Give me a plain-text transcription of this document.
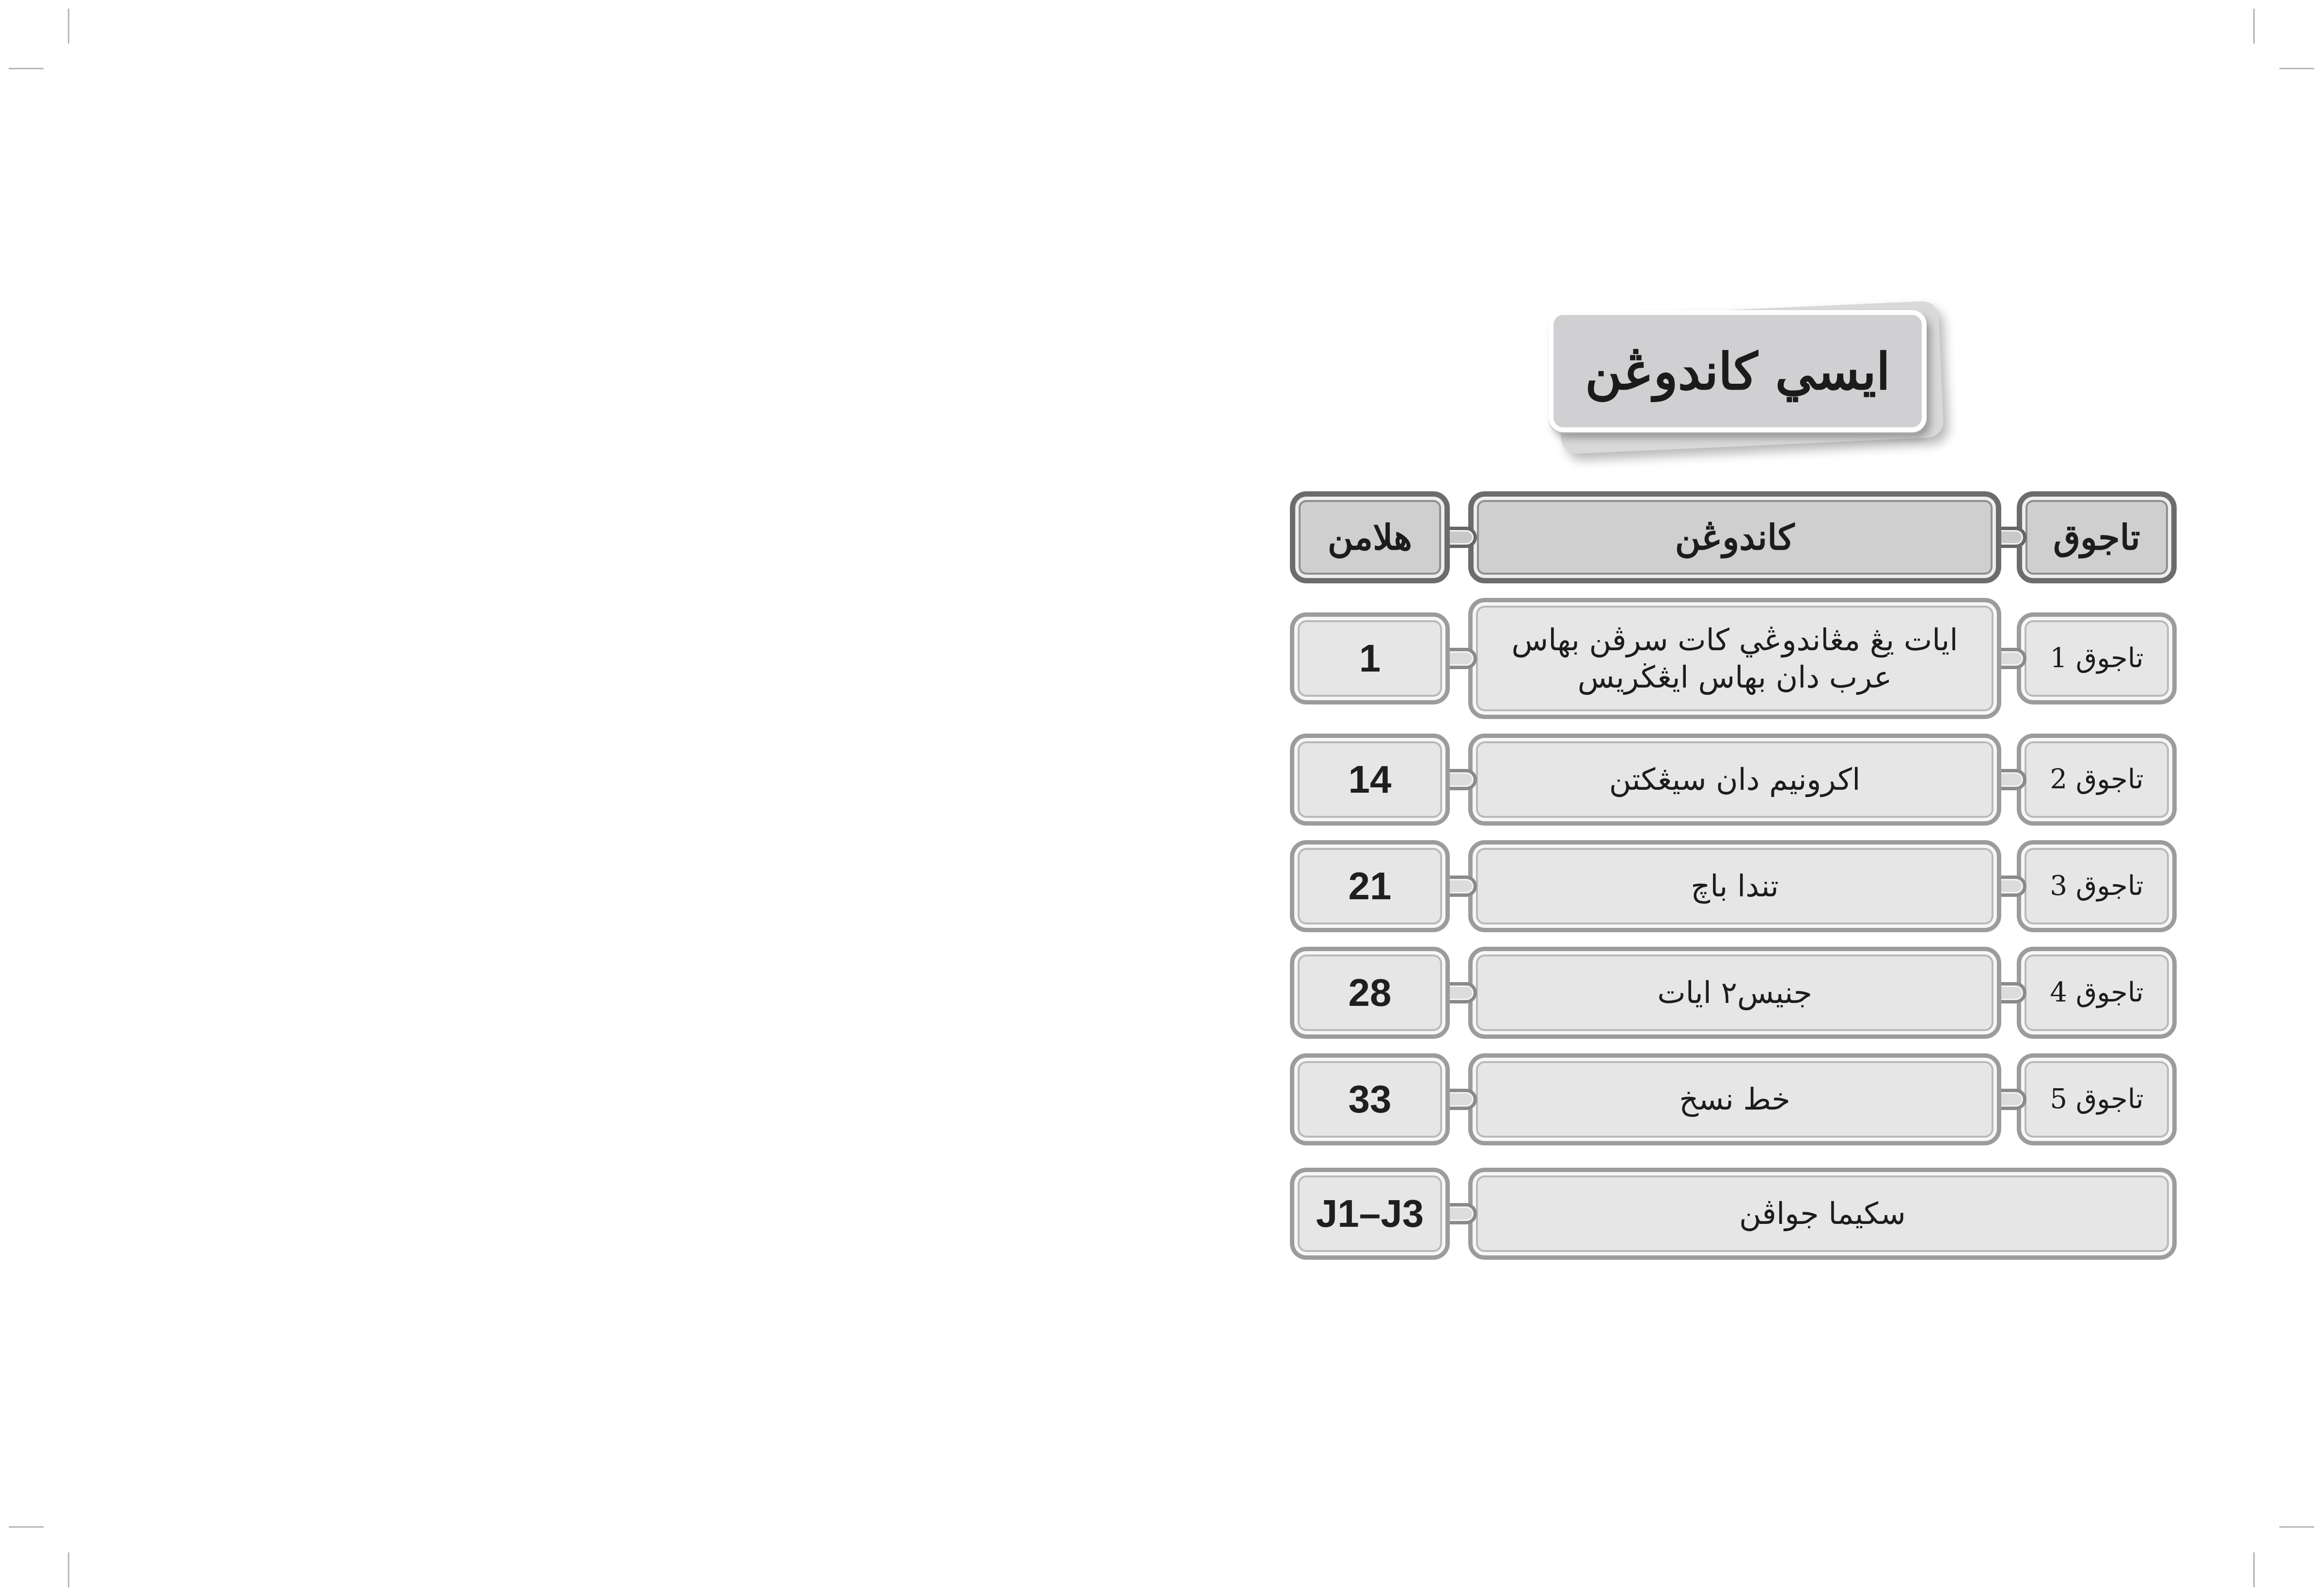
ايسي كاندوڠن
تاجوق
كاندوڠن
هلامن
تاجوق 1
ايات يڠ مڠاندوڠي كات سرڤن بهاس عرب دان بهاس ايڠڬريس
1
تاجوق 2
اكرونيم دان سيڠكتن
14
تاجوق 3
تندا باچ
21
تاجوق 4
جنيس٢ ايات
28
تاجوق 5
خط نسخ
33
سكيما جواڤن
J1–J3
